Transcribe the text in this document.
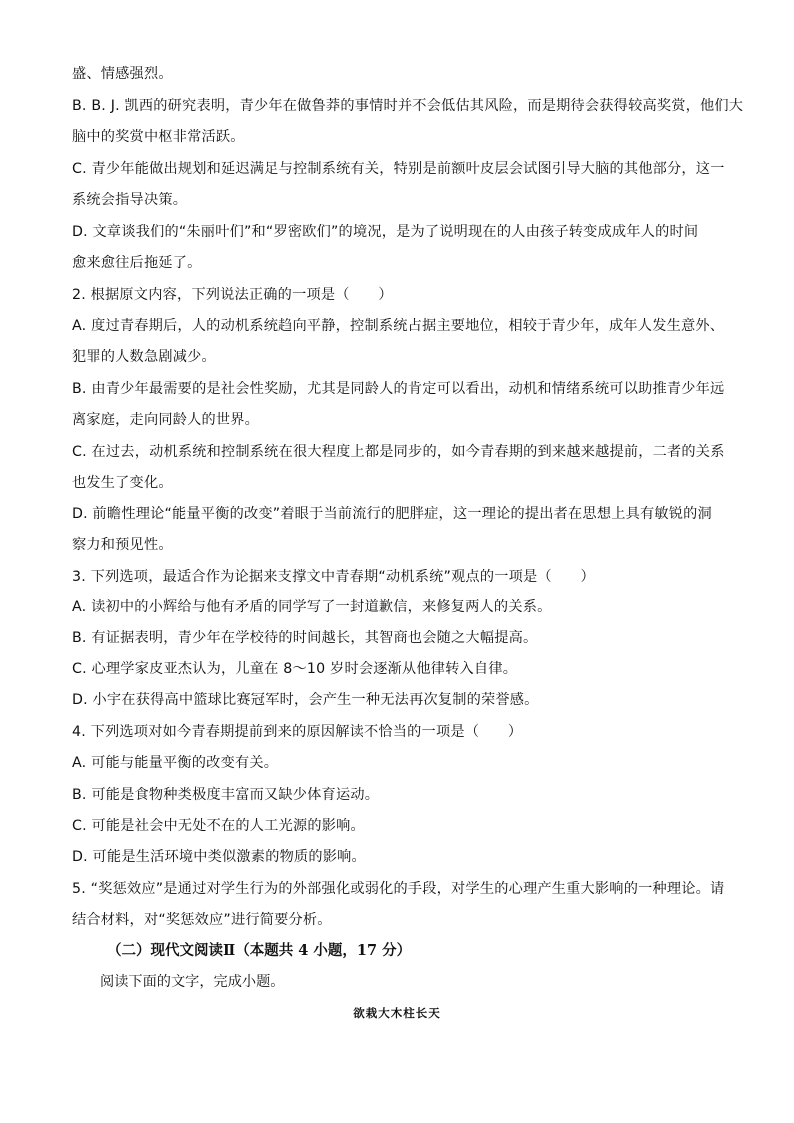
盛、情感强烈。
B. B. J. 凯西的研究表明，青少年在做鲁莽的事情时并不会低估其风险，而是期待会获得较高奖赏，他们大
脑中的奖赏中枢非常活跃。
C. 青少年能做出规划和延迟满足与控制系统有关，特别是前额叶皮层会试图引导大脑的其他部分，这一
系统会指导决策。
D. 文章谈我们的“朱丽叶们”和“罗密欧们”的境况，是为了说明现在的人由孩子转变成成年人的时间
愈来愈往后拖延了。
2. 根据原文内容，下列说法正确的一项是（　　）
A. 度过青春期后，人的动机系统趋向平静，控制系统占据主要地位，相较于青少年，成年人发生意外、
犯罪的人数急剧减少。
B. 由青少年最需要的是社会性奖励，尤其是同龄人的肯定可以看出，动机和情绪系统可以助推青少年远
离家庭，走向同龄人的世界。
C. 在过去，动机系统和控制系统在很大程度上都是同步的，如今青春期的到来越来越提前，二者的关系
也发生了变化。
D. 前瞻性理论“能量平衡的改变”着眼于当前流行的肥胖症，这一理论的提出者在思想上具有敏锐的洞
察力和预见性。
3. 下列选项，最适合作为论据来支撑文中青春期“动机系统”观点的一项是（　　）
A. 读初中的小辉给与他有矛盾的同学写了一封道歉信，来修复两人的关系。
B. 有证据表明，青少年在学校待的时间越长，其智商也会随之大幅提高。
C. 心理学家皮亚杰认为，儿童在 8～10 岁时会逐渐从他律转入自律。
D. 小宇在获得高中篮球比赛冠军时，会产生一种无法再次复制的荣誉感。
4. 下列选项对如今青春期提前到来的原因解读不恰当的一项是（　　）
A. 可能与能量平衡的改变有关。
B. 可能是食物种类极度丰富而又缺少体育运动。
C. 可能是社会中无处不在的人工光源的影响。
D. 可能是生活环境中类似激素的物质的影响。
5. “奖惩效应”是通过对学生行为的外部强化或弱化的手段，对学生的心理产生重大影响的一种理论。请
结合材料，对“奖惩效应”进行简要分析。
（二）现代文阅读Ⅱ（本题共 4 小题，17 分）
阅读下面的文字，完成小题。
欲栽大木柱长天
